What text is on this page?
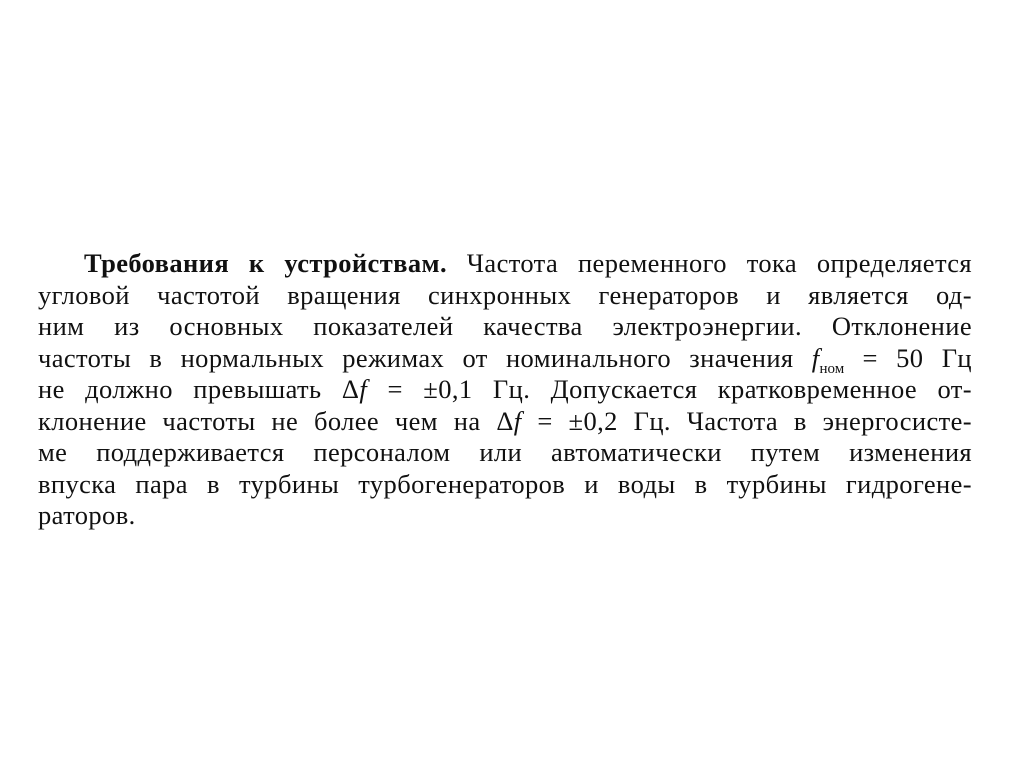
Требования к устройствам. Частота переменного тока определяется
угловой частотой вращения синхронных генераторов и является од-
ним из основных показателей качества электроэнергии. Отклонение
частоты в нормальных режимах от номинального значения $f_{ном} = 50$ Гц
не должно превышать Δf = ±0,1 Гц. Допускается кратковременное от-
клонение частоты не более чем на Δf = ±0,2 Гц. Частота в энергосисте-
ме поддерживается персоналом или автоматически путем изменения
впуска пара в турбины турбогенераторов и воды в турбины гидрогене-
раторов.
